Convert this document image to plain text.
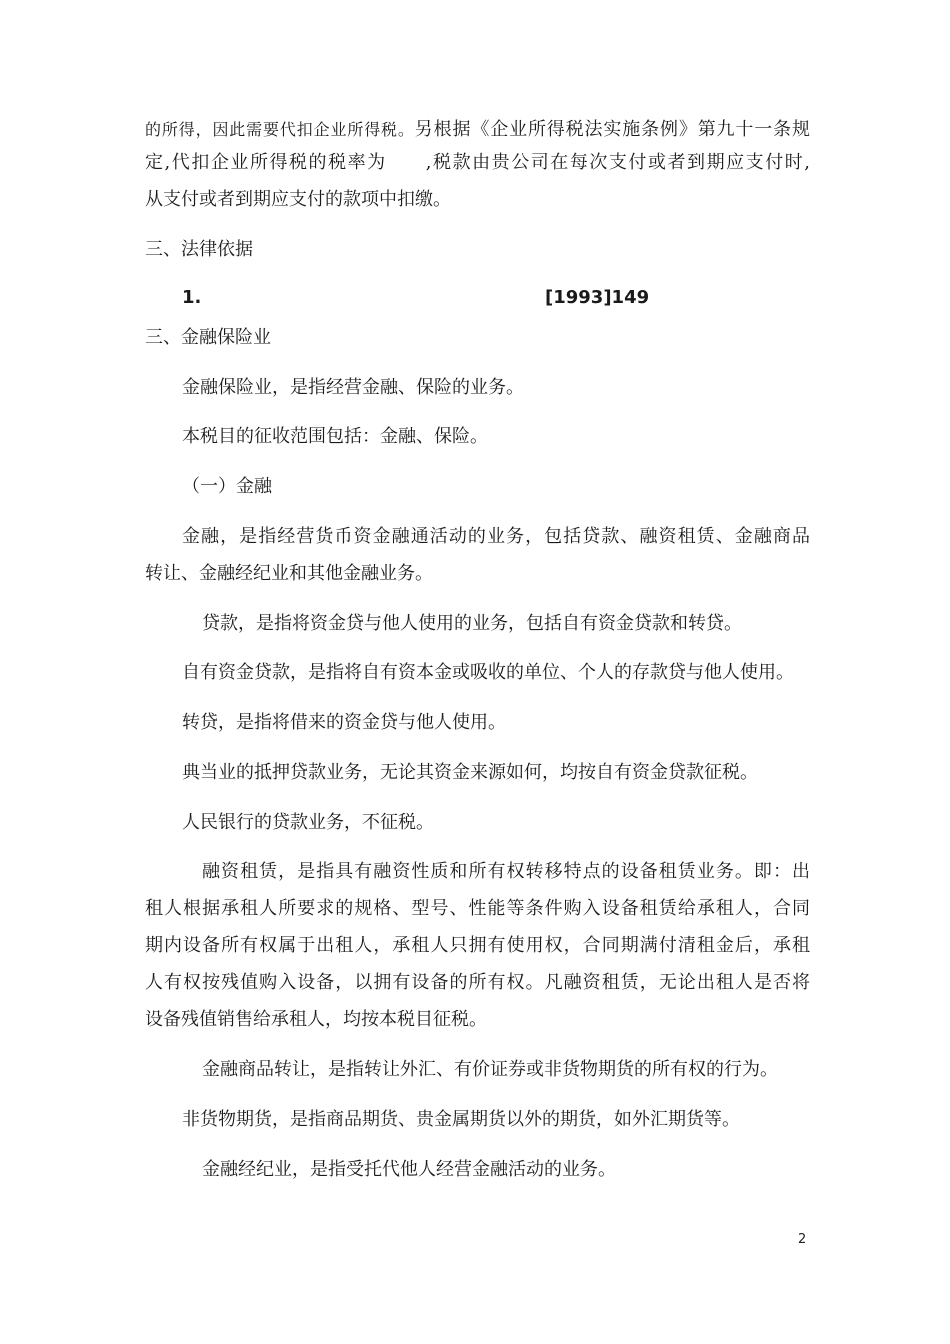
的所得，因此需要代扣企业所得税。另根据《企业所得税法实施条例》第九十一条规
定,代扣企业所得税的税率为　　,税款由贵公司在每次支付或者到期应支付时,
从支付或者到期应支付的款项中扣缴。
三、法律依据
1.	[1993]149
三、金融保险业
金融保险业，是指经营金融、保险的业务。
本税目的征收范围包括：金融、保险。
（一）金融
金融，是指经营货币资金融通活动的业务，包括贷款、融资租赁、金融商品
转让、金融经纪业和其他金融业务。
贷款，是指将资金贷与他人使用的业务，包括自有资金贷款和转贷。
自有资金贷款，是指将自有资本金或吸收的单位、个人的存款贷与他人使用。
转贷，是指将借来的资金贷与他人使用。
典当业的抵押贷款业务，无论其资金来源如何，均按自有资金贷款征税。
人民银行的贷款业务，不征税。
融资租赁，是指具有融资性质和所有权转移特点的设备租赁业务。即：出
租人根据承租人所要求的规格、型号、性能等条件购入设备租赁给承租人，合同
期内设备所有权属于出租人，承租人只拥有使用权，合同期满付清租金后，承租
人有权按残值购入设备，以拥有设备的所有权。凡融资租赁，无论出租人是否将
设备残值销售给承租人，均按本税目征税。
金融商品转让，是指转让外汇、有价证券或非货物期货的所有权的行为。
非货物期货，是指商品期货、贵金属期货以外的期货，如外汇期货等。
金融经纪业，是指受托代他人经营金融活动的业务。
2
